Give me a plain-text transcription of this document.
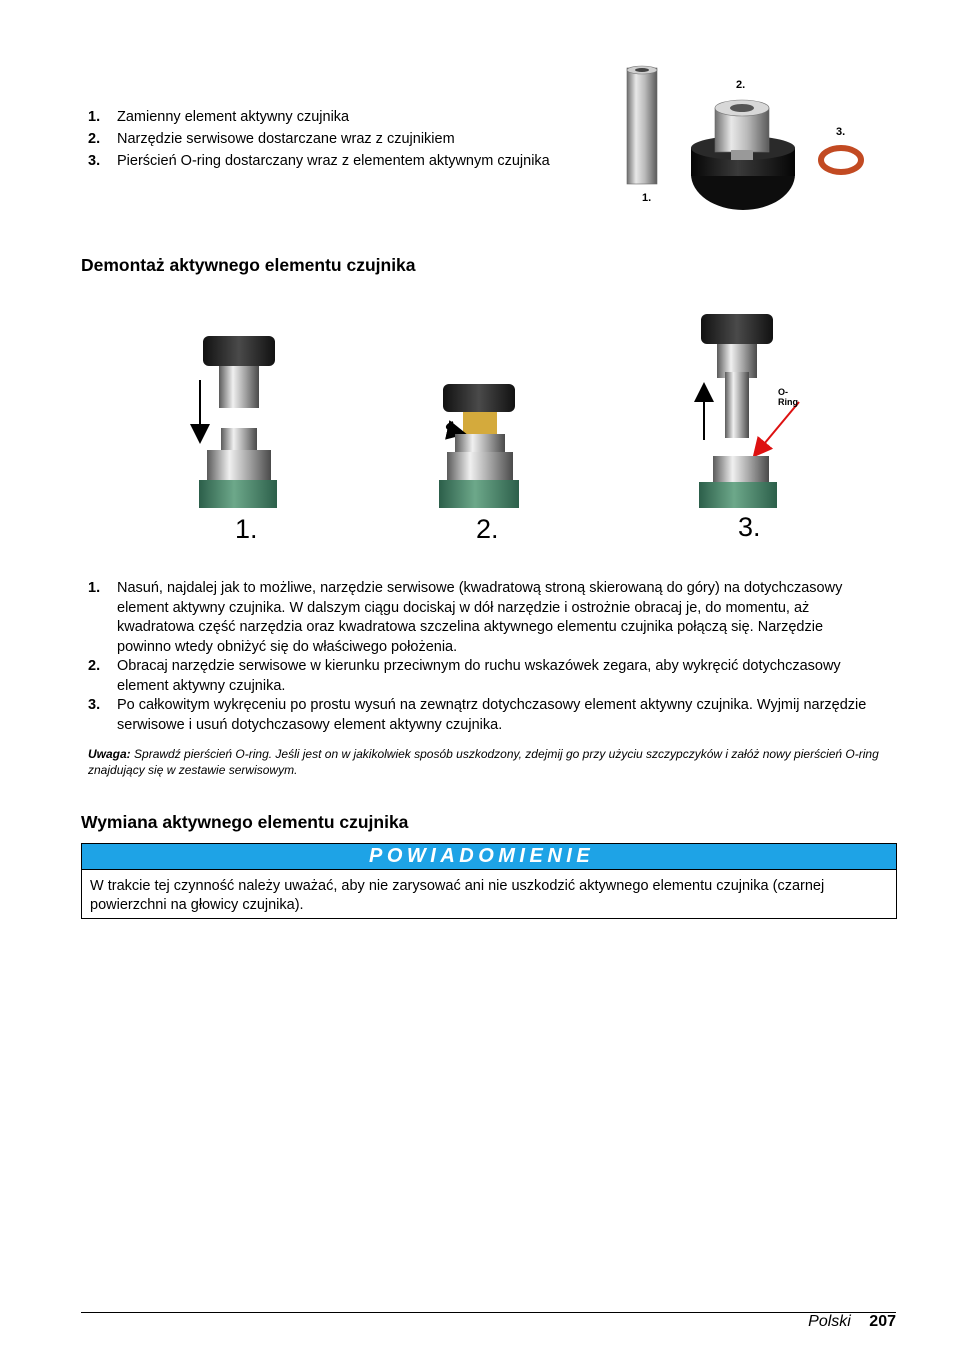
1.	Zamienny element aktywny czujnika
2.	Narzędzie serwisowe dostarczane wraz z czujnikiem
3.	Pierścień O-ring dostarczany wraz z elementem aktywnym czujnika
1.
2.
3.
Demontaż aktywnego elementu czujnika
1.	2.	3.
O-Ring
1.	Nasuń, najdalej jak to możliwe, narzędzie serwisowe (kwadratową stroną skierowaną do góry) na dotychczasowy element aktywny czujnika. W dalszym ciągu dociskaj w dół narzędzie i ostrożnie obracaj je, do momentu, aż kwadratowa część narzędzia oraz kwadratowa szczelina aktywnego elementu czujnika połączą się. Narzędzie powinno wtedy obniżyć się do właściwego położenia.
2.	Obracaj narzędzie serwisowe w kierunku przeciwnym do ruchu wskazówek zegara, aby wykręcić dotychczasowy element aktywny czujnika.
3.	Po całkowitym wykręceniu po prostu wysuń na zewnątrz dotychczasowy element aktywny czujnika. Wyjmij narzędzie serwisowe i usuń dotychczasowy element aktywny czujnika.
Uwaga: Sprawdź pierścień O-ring. Jeśli jest on w jakikolwiek sposób uszkodzony, zdejmij go przy użyciu szczypczyków i załóż nowy pierścień O-ring znajdujący się w zestawie serwisowym.
Wymiana aktywnego elementu czujnika
POWIADOMIENIE
W trakcie tej czynność należy uważać, aby nie zarysować ani nie uszkodzić aktywnego elementu czujnika (czarnej powierzchni na głowicy czujnika).
Polski 207
